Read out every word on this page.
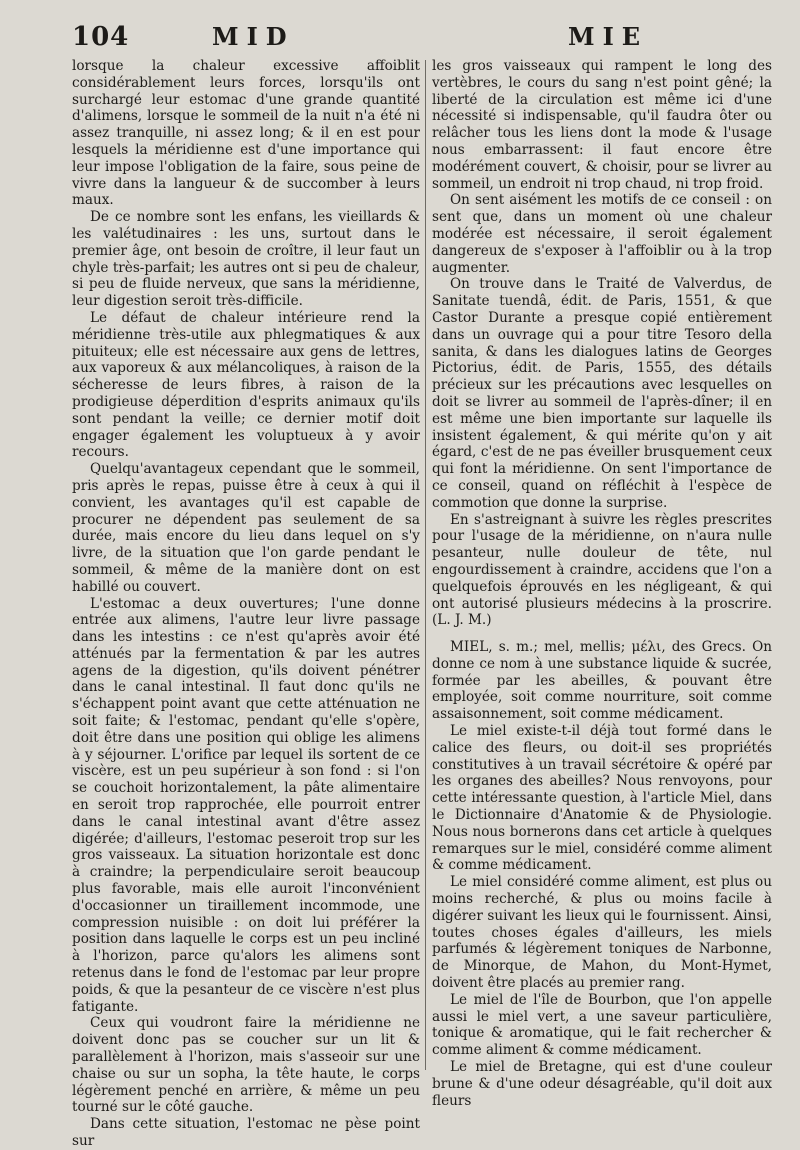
104	MID	MIE

lorsque la chaleur excessive affoiblit considérablement leurs forces, lorsqu'ils ont surchargé leur estomac d'une grande quantité d'alimens, lorsque le sommeil de la nuit n'a été ni assez tranquille, ni assez long; & il en est pour lesquels la méridienne est d'une importance qui leur impose l'obligation de la faire, sous peine de vivre dans la langueur & de succomber à leurs maux.

De ce nombre sont les enfans, les vieillards & les valétudinaires : les uns, surtout dans le premier âge, ont besoin de croître, il leur faut un chyle très-parfait; les autres ont si peu de chaleur, si peu de fluide nerveux, que sans la méridienne, leur digestion seroit très-difficile.

Le défaut de chaleur intérieure rend la méridienne très-utile aux phlegmatiques & aux pituiteux; elle est nécessaire aux gens de lettres, aux vaporeux & aux mélancoliques, à raison de la sécheresse de leurs fibres, à raison de la prodigieuse déperdition d'esprits animaux qu'ils sont pendant la veille; ce dernier motif doit engager également les voluptueux à y avoir recours.

Quelqu'avantageux cependant que le sommeil, pris après le repas, puisse être à ceux à qui il convient, les avantages qu'il est capable de procurer ne dépendent pas seulement de sa durée, mais encore du lieu dans lequel on s'y livre, de la situation que l'on garde pendant le sommeil, & même de la manière dont on est habillé ou couvert.

L'estomac a deux ouvertures; l'une donne entrée aux alimens, l'autre leur livre passage dans les intestins : ce n'est qu'après avoir été atténués par la fermentation & par les autres agens de la digestion, qu'ils doivent pénétrer dans le canal intestinal. Il faut donc qu'ils ne s'échappent point avant que cette atténuation ne soit faite; & l'estomac, pendant qu'elle s'opère, doit être dans une position qui oblige les alimens à y séjourner. L'orifice par lequel ils sortent de ce viscère, est un peu supérieur à son fond : si l'on se couchoit horizontalement, la pâte alimentaire en seroit trop rapprochée, elle pourroit entrer dans le canal intestinal avant d'être assez digérée; d'ailleurs, l'estomac peseroit trop sur les gros vaisseaux. La situation horizontale est donc à craindre; la perpendiculaire seroit beaucoup plus favorable, mais elle auroit l'inconvénient d'occasionner un tiraillement incommode, une compression nuisible : on doit lui préférer la position dans laquelle le corps est un peu incliné à l'horizon, parce qu'alors les alimens sont retenus dans le fond de l'estomac par leur propre poids, & que la pesanteur de ce viscère n'est plus fatigante.

Ceux qui voudront faire la méridienne ne doivent donc pas se coucher sur un lit & parallèlement à l'horizon, mais s'asseoir sur une chaise ou sur un sopha, la tête haute, le corps légèrement penché en arrière, & même un peu tourné sur le côté gauche.

Dans cette situation, l'estomac ne pèse point sur

les gros vaisseaux qui rampent le long des vertèbres, le cours du sang n'est point gêné; la liberté de la circulation est même ici d'une nécessité si indispensable, qu'il faudra ôter ou relâcher tous les liens dont la mode & l'usage nous embarrassent: il faut encore être modérément couvert, & choisir, pour se livrer au sommeil, un endroit ni trop chaud, ni trop froid.

On sent aisément les motifs de ce conseil : on sent que, dans un moment où une chaleur modérée est nécessaire, il seroit également dangereux de s'exposer à l'affoiblir ou à la trop augmenter.

On trouve dans le Traité de Valverdus, de Sanitate tuendâ, édit. de Paris, 1551, & que Castor Durante a presque copié entièrement dans un ouvrage qui a pour titre Tesoro della sanita, & dans les dialogues latins de Georges Pictorius, édit. de Paris, 1555, des détails précieux sur les précautions avec lesquelles on doit se livrer au sommeil de l'après-dîner; il en est même une bien importante sur laquelle ils insistent également, & qui mérite qu'on y ait égard, c'est de ne pas éveiller brusquement ceux qui font la méridienne. On sent l'importance de ce conseil, quand on réfléchit à l'espèce de commotion que donne la surprise.

En s'astreignant à suivre les règles prescrites pour l'usage de la méridienne, on n'aura nulle pesanteur, nulle douleur de tête, nul engourdissement à craindre, accidens que l'on a quelquefois éprouvés en les négligeant, & qui ont autorisé plusieurs médecins à la proscrire. (L. J. M.)

MIEL, s. m.; mel, mellis; μέλι, des Grecs. On donne ce nom à une substance liquide & sucrée, formée par les abeilles, & pouvant être employée, soit comme nourriture, soit comme assaisonnement, soit comme médicament.

Le miel existe-t-il déjà tout formé dans le calice des fleurs, ou doit-il ses propriétés constitutives à un travail sécrétoire & opéré par les organes des abeilles? Nous renvoyons, pour cette intéressante question, à l'article Miel, dans le Dictionnaire d'Anatomie & de Physiologie. Nous nous bornerons dans cet article à quelques remarques sur le miel, considéré comme aliment & comme médicament.

Le miel considéré comme aliment, est plus ou moins recherché, & plus ou moins facile à digérer suivant les lieux qui le fournissent. Ainsi, toutes choses égales d'ailleurs, les miels parfumés & légèrement toniques de Narbonne, de Minorque, de Mahon, du Mont-Hymet, doivent être placés au premier rang.

Le miel de l'île de Bourbon, que l'on appelle aussi le miel vert, a une saveur particulière, tonique & aromatique, qui le fait rechercher & comme aliment & comme médicament.

Le miel de Bretagne, qui est d'une couleur brune & d'une odeur désagréable, qu'il doit aux fleurs
